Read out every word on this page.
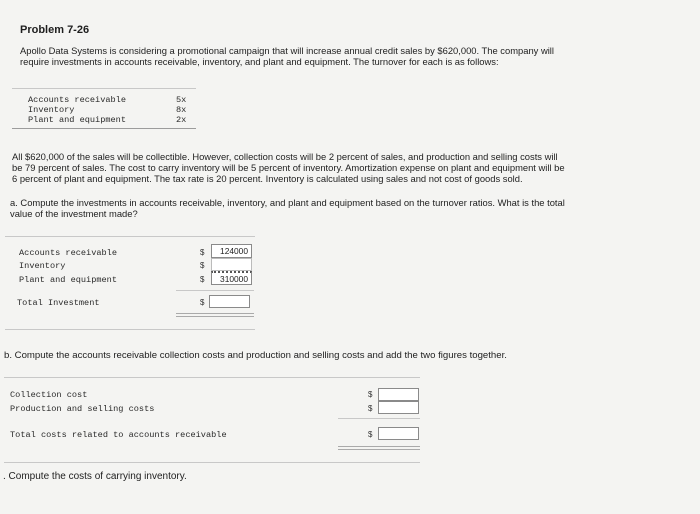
Problem 7-26
Apollo Data Systems is considering a promotional campaign that will increase annual credit sales by $620,000. The company will
require investments in accounts receivable, inventory, and plant and equipment. The turnover for each is as follows:
Accounts receivable	5x
Inventory	8x
Plant and equipment	2x
All $620,000 of the sales will be collectible. However, collection costs will be 2 percent of sales, and production and selling costs will
be 79 percent of sales. The cost to carry inventory will be 5 percent of inventory. Amortization expense on plant and equipment will be
6 percent of plant and equipment. The tax rate is 20 percent. Inventory is calculated using sales and not cost of goods sold.
a. Compute the investments in accounts receivable, inventory, and plant and equipment based on the turnover ratios. What is the total
value of the investment made?
Accounts receivable	$	124000
Inventory	$
Plant and equipment	$	310000
Total Investment	$
b. Compute the accounts receivable collection costs and production and selling costs and add the two figures together.
Collection cost	$
Production and selling costs	$
Total costs related to accounts receivable	$
. Compute the costs of carrying inventory.
